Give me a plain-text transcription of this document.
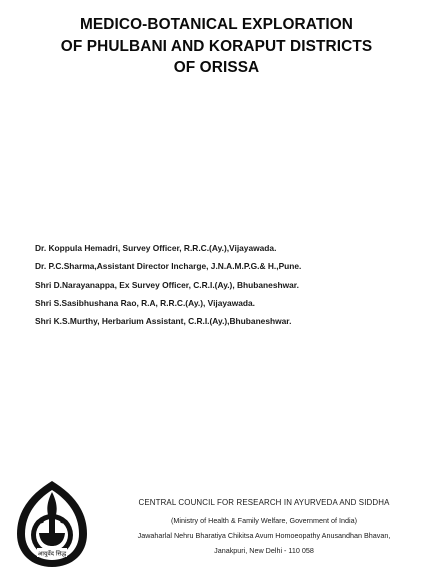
MEDICO-BOTANICAL EXPLORATION
OF PHULBANI AND KORAPUT DISTRICTS
OF ORISSA
Dr. Koppula Hemadri, Survey Officer, R.R.C.(Ay.),Vijayawada.
Dr. P.C.Sharma,Assistant Director Incharge, J.N.A.M.P.G.& H.,Pune.
Shri D.Narayanappa, Ex Survey Officer, C.R.I.(Ay.), Bhubaneshwar.
Shri S.Sasibhushana Rao, R.A, R.R.C.(Ay.), Vijayawada.
Shri K.S.Murthy, Herbarium Assistant, C.R.I.(Ay.),Bhubaneshwar.
आयुर्वेद सिद्ध
CENTRAL COUNCIL FOR RESEARCH IN AYURVEDA AND SIDDHA
(Ministry of Health & Family Welfare, Government of India)
Jawaharlal Nehru Bharatiya Chikitsa Avum Homoeopathy Anusandhan Bhavan,
Janakpuri, New Delhi - 110 058
